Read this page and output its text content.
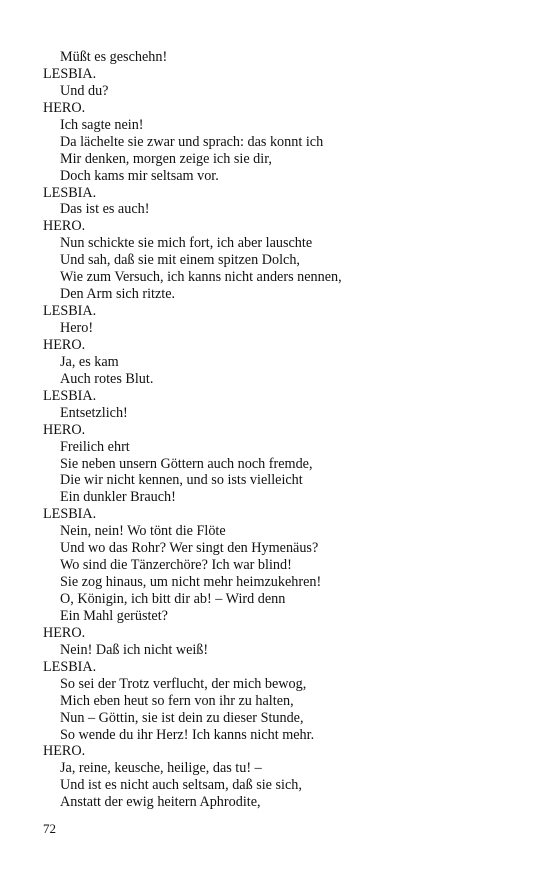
Müßt es geschehn!
LESBIA.
Und du?
HERO.
Ich sagte nein!
Da lächelte sie zwar und sprach: das konnt ich
Mir denken, morgen zeige ich sie dir,
Doch kams mir seltsam vor.
LESBIA.
Das ist es auch!
HERO.
Nun schickte sie mich fort, ich aber lauschte
Und sah, daß sie mit einem spitzen Dolch,
Wie zum Versuch, ich kanns nicht anders nennen,
Den Arm sich ritzte.
LESBIA.
Hero!
HERO.
Ja, es kam
Auch rotes Blut.
LESBIA.
Entsetzlich!
HERO.
Freilich ehrt
Sie neben unsern Göttern auch noch fremde,
Die wir nicht kennen, und so ists vielleicht
Ein dunkler Brauch!
LESBIA.
Nein, nein! Wo tönt die Flöte
Und wo das Rohr? Wer singt den Hymenäus?
Wo sind die Tänzerchöre? Ich war blind!
Sie zog hinaus, um nicht mehr heimzukehren!
O, Königin, ich bitt dir ab! – Wird denn
Ein Mahl gerüstet?
HERO.
Nein! Daß ich nicht weiß!
LESBIA.
So sei der Trotz verflucht, der mich bewog,
Mich eben heut so fern von ihr zu halten,
Nun – Göttin, sie ist dein zu dieser Stunde,
So wende du ihr Herz! Ich kanns nicht mehr.
HERO.
Ja, reine, keusche, heilige, das tu! –
Und ist es nicht auch seltsam, daß sie sich,
Anstatt der ewig heitern Aphrodite,
72
